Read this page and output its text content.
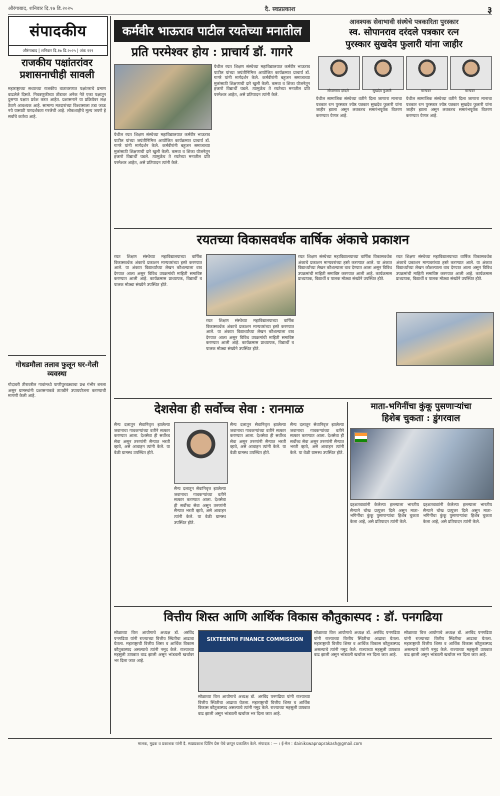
औरंगाबाद, शनिवार दि.१७ डि.२०२५	दै. स्वप्नप्रकाश	३
संपादकीय
औरंगाबाद | शनिवार दि.१७ डि.२०२५ | अंक ११९
राजकीय पक्षांतरांवर प्रशासनाचीही सावली
महाराष्ट्राच्या सध्याच्या राजकीय वातावरणात पक्षांतराचे प्रमाण वाढलेले दिसते. निवडणुकीच्या तोंडावर अनेक नेते एका पक्षातून दुसऱ्या पक्षात प्रवेश करत आहेत. प्रशासनाने या प्रक्रियेवर लक्ष ठेवणे आवश्यक आहे. सामान्य मतदारांच्या विश्वासाला तडा जाऊ नये यासाठी पारदर्शकता गरजेची आहे. लोकशाहीचे मूल्य जपणे हे सर्वांचे कर्तव्य आहे.
गोधडमौला तलाव फुलून घर-गेली व्यवस्था
गोदावरी तीरावरील गावांमध्ये पाणीपुरवठ्याचा प्रश्न गंभीर बनला असून ग्रामस्थांनी प्रशासनाकडे तातडीने उपाययोजना करण्याची मागणी केली आहे.
कर्मवीर भाऊराव पाटील रयतेच्या मनातील
प्रति परमेश्वर होय : प्राचार्य डॉ. गागरे
येथील रयत शिक्षण संस्थेच्या महाविद्यालयात कर्मवीर भाऊराव पाटील यांच्या जयंतीनिमित्त आयोजित कार्यक्रमात प्राचार्य डॉ. गागरे यांनी मार्गदर्शन केले. कर्मवीरांनी बहुजन समाजाच्या मुलांसाठी शिक्षणाची दारे खुली केली. कमवा व शिका योजनेतून हजारो विद्यार्थी घडले. त्यामुळेच ते रयतेच्या मनातील प्रति परमेश्वर आहेत, असे प्रतिपादन त्यांनी केले.
येथील रयत शिक्षण संस्थेच्या महाविद्यालयात कर्मवीर भाऊराव पाटील यांच्या जयंतीनिमित्त आयोजित कार्यक्रमात प्राचार्य डॉ. गागरे यांनी मार्गदर्शन केले. कर्मवीरांनी बहुजन समाजाच्या मुलांसाठी शिक्षणाची दारे खुली केली. कमवा व शिका योजनेतून हजारो विद्यार्थी घडले. त्यामुळेच ते रयतेच्या मनातील प्रति परमेश्वर आहेत, असे प्रतिपादन त्यांनी केले.
आवश्यक सेवाभावी संस्थेचे पत्रकारिता पुरस्कार
स्व. सोपानराव दरंदले पत्रकार रत्न
पुरस्कार सुखदेव फुलारी यांना जाहीर
सोपानराव दरंदले	सुखदेव फुलारी	मान्यवर	मान्यवर
येथील सामाजिक संस्थेच्या वतीने दिला जाणारा मानाचा पत्रकार रत्न पुरस्कार ज्येष्ठ पत्रकार सुखदेव फुलारी यांना जाहीर झाला असून लवकरच समारंभपूर्वक वितरण करण्यात येणार आहे.
येथील सामाजिक संस्थेच्या वतीने दिला जाणारा मानाचा पत्रकार रत्न पुरस्कार ज्येष्ठ पत्रकार सुखदेव फुलारी यांना जाहीर झाला असून लवकरच समारंभपूर्वक वितरण करण्यात येणार आहे.
रयतच्या विकासवर्धक वार्षिक अंकाचे प्रकाशन
रयत शिक्षण संस्थेच्या महाविद्यालयाच्या वार्षिक विकासवर्धक अंकाचे प्रकाशन मान्यवरांच्या हस्ते करण्यात आले. या अंकात विद्यार्थ्यांच्या लेखन कौशल्याला वाव देण्यात आला असून विविध उपक्रमांची माहिती समाविष्ट करण्यात आली आहे. कार्यक्रमास प्राध्यापक, विद्यार्थी व पालक मोठ्या संख्येने उपस्थित होते.
रयत शिक्षण संस्थेच्या महाविद्यालयाच्या वार्षिक विकासवर्धक अंकाचे प्रकाशन मान्यवरांच्या हस्ते करण्यात आले. या अंकात विद्यार्थ्यांच्या लेखन कौशल्याला वाव देण्यात आला असून विविध उपक्रमांची माहिती समाविष्ट करण्यात आली आहे. कार्यक्रमास प्राध्यापक, विद्यार्थी व पालक मोठ्या संख्येने उपस्थित होते.
रयत शिक्षण संस्थेच्या महाविद्यालयाच्या वार्षिक विकासवर्धक अंकाचे प्रकाशन मान्यवरांच्या हस्ते करण्यात आले. या अंकात विद्यार्थ्यांच्या लेखन कौशल्याला वाव देण्यात आला असून विविध उपक्रमांची माहिती समाविष्ट करण्यात आली आहे. कार्यक्रमास प्राध्यापक, विद्यार्थी व पालक मोठ्या संख्येने उपस्थित होते.
रयत शिक्षण संस्थेच्या महाविद्यालयाच्या वार्षिक विकासवर्धक अंकाचे प्रकाशन मान्यवरांच्या हस्ते करण्यात आले. या अंकात विद्यार्थ्यांच्या लेखन कौशल्याला वाव देण्यात आला असून विविध उपक्रमांची माहिती समाविष्ट करण्यात आली आहे. कार्यक्रमास प्राध्यापक, विद्यार्थी व पालक मोठ्या संख्येने उपस्थित होते.
देशसेवा ही सर्वोच्च सेवा : रानमाळ
सैन्य दलातून सेवानिवृत्त झालेल्या जवानाचा गावकऱ्यांच्या वतीने सत्कार करण्यात आला. देशसेवा ही सर्वोच्च सेवा असून तरुणांनी सैन्यात भरती व्हावे, असे आवाहन त्यांनी केले. या वेळी ग्रामस्थ उपस्थित होते.
सैन्य दलातून सेवानिवृत्त झालेल्या जवानाचा गावकऱ्यांच्या वतीने सत्कार करण्यात आला. देशसेवा ही सर्वोच्च सेवा असून तरुणांनी सैन्यात भरती व्हावे, असे आवाहन त्यांनी केले. या वेळी ग्रामस्थ उपस्थित होते.
सैन्य दलातून सेवानिवृत्त झालेल्या जवानाचा गावकऱ्यांच्या वतीने सत्कार करण्यात आला. देशसेवा ही सर्वोच्च सेवा असून तरुणांनी सैन्यात भरती व्हावे, असे आवाहन त्यांनी केले. या वेळी ग्रामस्थ उपस्थित होते.
सैन्य दलातून सेवानिवृत्त झालेल्या जवानाचा गावकऱ्यांच्या वतीने सत्कार करण्यात आला. देशसेवा ही सर्वोच्च सेवा असून तरुणांनी सैन्यात भरती व्हावे, असे आवाहन त्यांनी केले. या वेळी ग्रामस्थ उपस्थित होते.
माता-भगिनींचा कुंकू पुसणाऱ्यांचा
हिशेब चुकता : डुंगरवाल
दहशतवाद्यांनी केलेल्या हल्ल्याला भारतीय सैन्याने चोख प्रत्युत्तर दिले असून माता-भगिनींचा कुंकू पुसणाऱ्यांचा हिशेब चुकता केला आहे, असे प्रतिपादन त्यांनी केले.
दहशतवाद्यांनी केलेल्या हल्ल्याला भारतीय सैन्याने चोख प्रत्युत्तर दिले असून माता-भगिनींचा कुंकू पुसणाऱ्यांचा हिशेब चुकता केला आहे, असे प्रतिपादन त्यांनी केले.
वित्तीय शिस्त आणि आर्थिक विकास कौतुकास्पद : डॉ. पनगढिया
सोळाव्या वित्त आयोगाचे अध्यक्ष डॉ. अरविंद पनगढिया यांनी राज्याच्या वित्तीय स्थितीचा आढावा घेतला. महाराष्ट्राची वित्तीय शिस्त व आर्थिक विकास कौतुकास्पद असल्याचे त्यांनी नमूद केले. राज्याच्या महसुली उत्पन्नात वाढ झाली असून भांडवली खर्चावर भर दिला जात आहे.
SIXTEENTH FINANCE COMMISSION
सोळाव्या वित्त आयोगाचे अध्यक्ष डॉ. अरविंद पनगढिया यांनी राज्याच्या वित्तीय स्थितीचा आढावा घेतला. महाराष्ट्राची वित्तीय शिस्त व आर्थिक विकास कौतुकास्पद असल्याचे त्यांनी नमूद केले. राज्याच्या महसुली उत्पन्नात वाढ झाली असून भांडवली खर्चावर भर दिला जात आहे.
सोळाव्या वित्त आयोगाचे अध्यक्ष डॉ. अरविंद पनगढिया यांनी राज्याच्या वित्तीय स्थितीचा आढावा घेतला. महाराष्ट्राची वित्तीय शिस्त व आर्थिक विकास कौतुकास्पद असल्याचे त्यांनी नमूद केले. राज्याच्या महसुली उत्पन्नात वाढ झाली असून भांडवली खर्चावर भर दिला जात आहे.
सोळाव्या वित्त आयोगाचे अध्यक्ष डॉ. अरविंद पनगढिया यांनी राज्याच्या वित्तीय स्थितीचा आढावा घेतला. महाराष्ट्राची वित्तीय शिस्त व आर्थिक विकास कौतुकास्पद असल्याचे त्यांनी नमूद केले. राज्याच्या महसुली उत्पन्नात वाढ झाली असून भांडवली खर्चावर भर दिला जात आहे.
मालक, मुद्रक व प्रकाशक यांनी दै. स्वप्नप्रकाश प्रिंटिंग प्रेस येथे छापून प्रकाशित केले. संपादक : — । ई-मेल : dainikswapnaprakash@gmail.com
